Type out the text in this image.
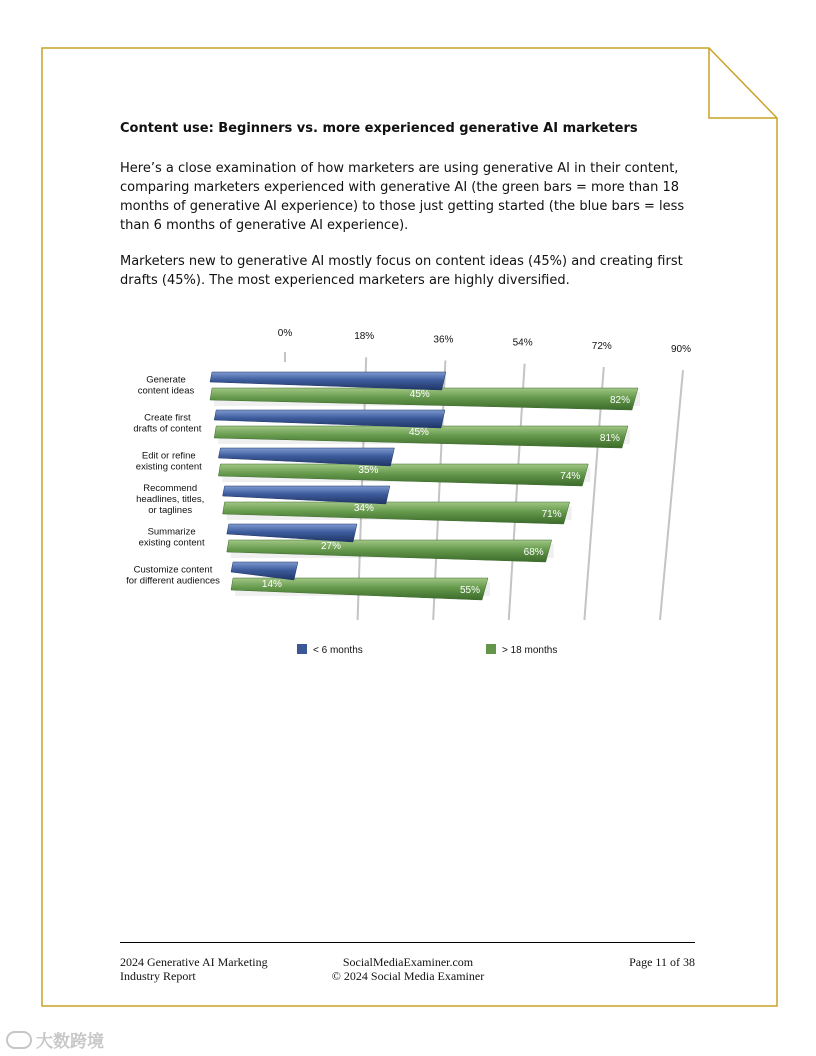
Content use: Beginners vs. more experienced generative AI marketers

Here’s a close examination of how marketers are using generative AI in their content, comparing marketers experienced with generative AI (the green bars = more than 18 months of generative AI experience) to those just getting started (the blue bars = less than 6 months of generative AI experience).

Marketers new to generative AI mostly focus on content ideas (45%) and creating first drafts (45%). The most experienced marketers are highly diversified.

0%	18%	36%	54%	72%	90%
55%
14%
Customize content
for different audiences
68%
27%
Summarize
existing content
71%
34%
Recommend
headlines, titles,
or taglines
74%
35%
Edit or refine
existing content
81%
45%
Create first
drafts of content
82%
45%
Generate
content ideas
< 6 months	> 18 months
2024 Generative AI Marketing
Industry Report
SocialMediaExaminer.com
© 2024 Social Media Examiner
Page 11 of 38
大数跨境
